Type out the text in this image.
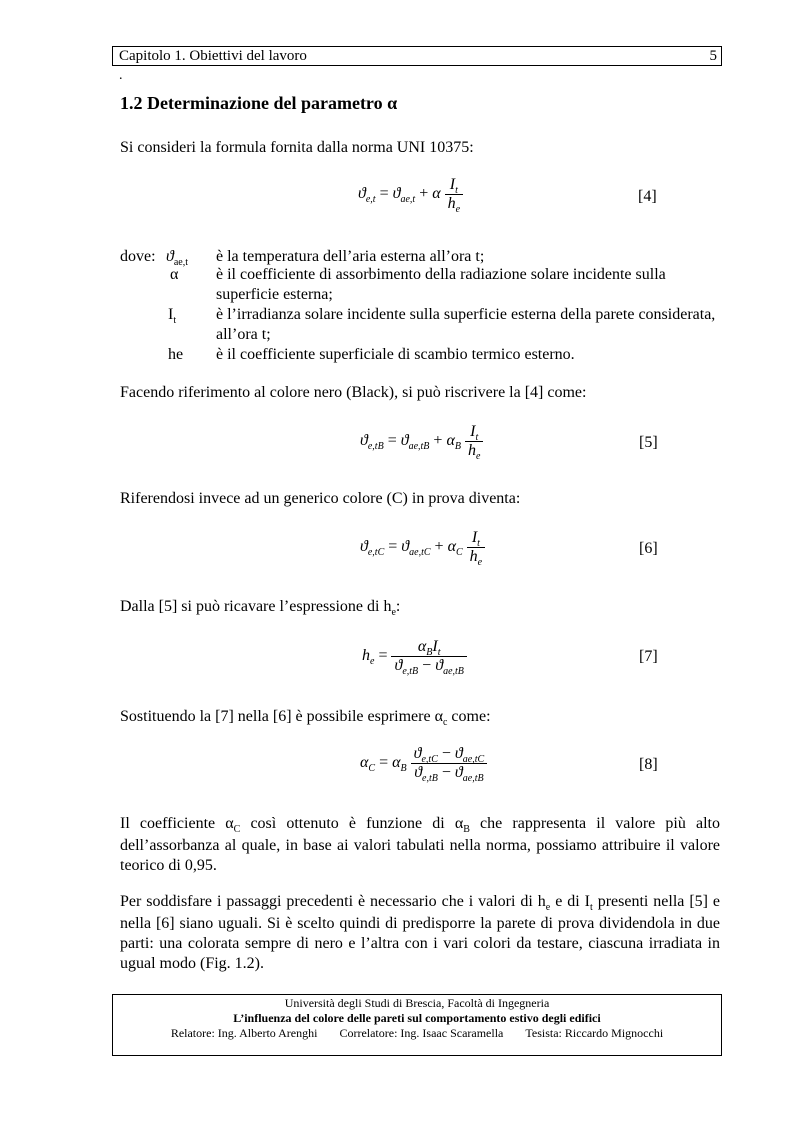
Capitolo 1. Obiettivi del lavoro	5
.
1.2 Determinazione del parametro α
Si consideri la formula fornita dalla norma UNI 10375:
$ϑ_{e,t} = ϑ_{ae,t} + \alpha \frac{I_t}{h_e}$	[4]
dove: $ϑ_{ae,t}$ è la temperatura dell’aria esterna all’ora t;
α è il coefficiente di assorbimento della radiazione solare incidente sulla superficie esterna;
$I_t$ è l’irradianza solare incidente sulla superficie esterna della parete considerata, all’ora t;
he è il coefficiente superficiale di scambio termico esterno.
Facendo riferimento al colore nero (Black), si può riscrivere la [4] come:
$ϑ_{e,tB} = ϑ_{ae,tB} + \alpha_B \frac{I_t}{h_e}$	[5]
Riferendosi invece ad un generico colore (C) in prova diventa:
$ϑ_{e,tC} = ϑ_{ae,tC} + \alpha_C \frac{I_t}{h_e}$	[6]
Dalla [5] si può ricavare l’espressione di $h_e$:
$h_e = \frac{\alpha_BI_t}{ϑ_{e,tB} - ϑ_{ae,tB}}$	[7]
Sostituendo la [7] nella [6] è possibile esprimere $\alpha_c$ come:
$\alpha_C = \alpha_B \frac{ϑ_{e,tC} - ϑ_{ae,tC}}{ϑ_{e,tB} - ϑ_{ae,tB}}$	[8]
Il coefficiente $\alpha_C$ così ottenuto è funzione di $\alpha_B$ che rappresenta il valore più alto dell’assorbanza al quale, in base ai valori tabulati nella norma, possiamo attribuire il valore teorico di 0,95.
Per soddisfare i passaggi precedenti è necessario che i valori di $h_e$ e di $I_t$ presenti nella [5] e nella [6] siano uguali. Si è scelto quindi di predisporre la parete di prova dividendola in due parti: una colorata sempre di nero e l’altra con i vari colori da testare, ciascuna irradiata in ugual modo (Fig. 1.2).
Università degli Studi di Brescia, Facoltà di Ingegneria
L’influenza del colore delle pareti sul comportamento estivo degli edifici
Relatore: Ing. Alberto Arenghi Correlatore: Ing. Isaac Scaramella Tesista: Riccardo Mignocchi
